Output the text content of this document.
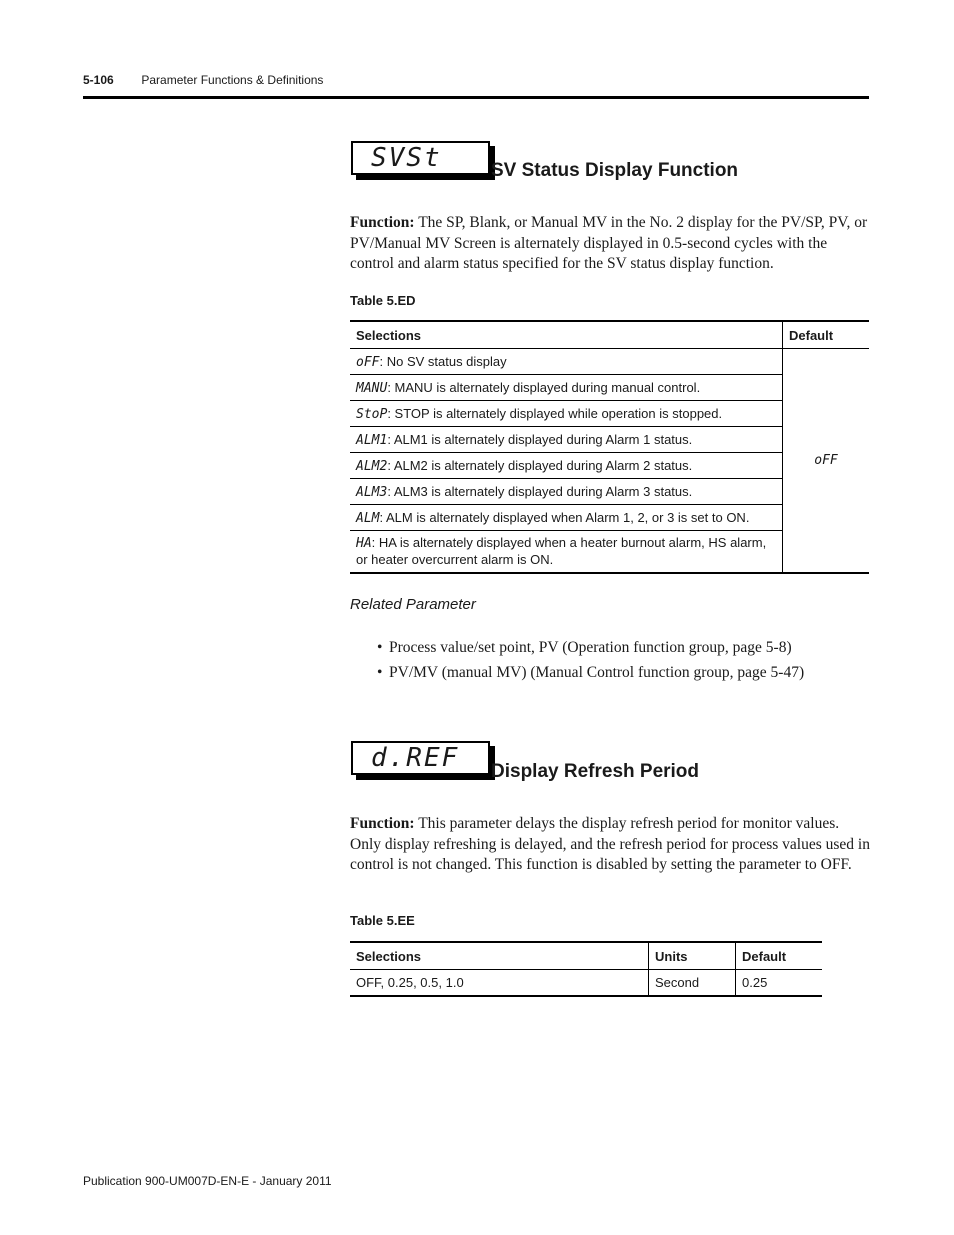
5-106 Parameter Functions & Definitions
SVSt	SV Status Display Function

Function: The SP, Blank, or Manual MV in the No. 2 display for the PV/SP, PV, or PV/Manual MV Screen is alternately displayed in 0.5-second cycles with the control and alarm status specified for the SV status display function.

Table 5.ED
Selections	Default
oFF: No SV status display	oFF
MANU: MANU is alternately displayed during manual control.	
StoP: STOP is alternately displayed while operation is stopped.	
ALM1: ALM1 is alternately displayed during Alarm 1 status.	
ALM2: ALM2 is alternately displayed during Alarm 2 status.	
ALM3: ALM3 is alternately displayed during Alarm 3 status.	
ALM: ALM is alternately displayed when Alarm 1, 2, or 3 is set to ON.	
HA: HA is alternately displayed when a heater burnout alarm, HS alarm, or heater overcurrent alarm is ON.	
Related Parameter
• Process value/set point, PV (Operation function group, page 5-8)
• PV/MV (manual MV) (Manual Control function group, page 5-47)
d.REF	Display Refresh Period

Function: This parameter delays the display refresh period for monitor values. Only display refreshing is delayed, and the refresh period for process values used in control is not changed. This function is disabled by setting the parameter to OFF.

Table 5.EE
Selections	Units	Default
OFF, 0.25, 0.5, 1.0	Second	0.25
Publication 900-UM007D-EN-E - January 2011
